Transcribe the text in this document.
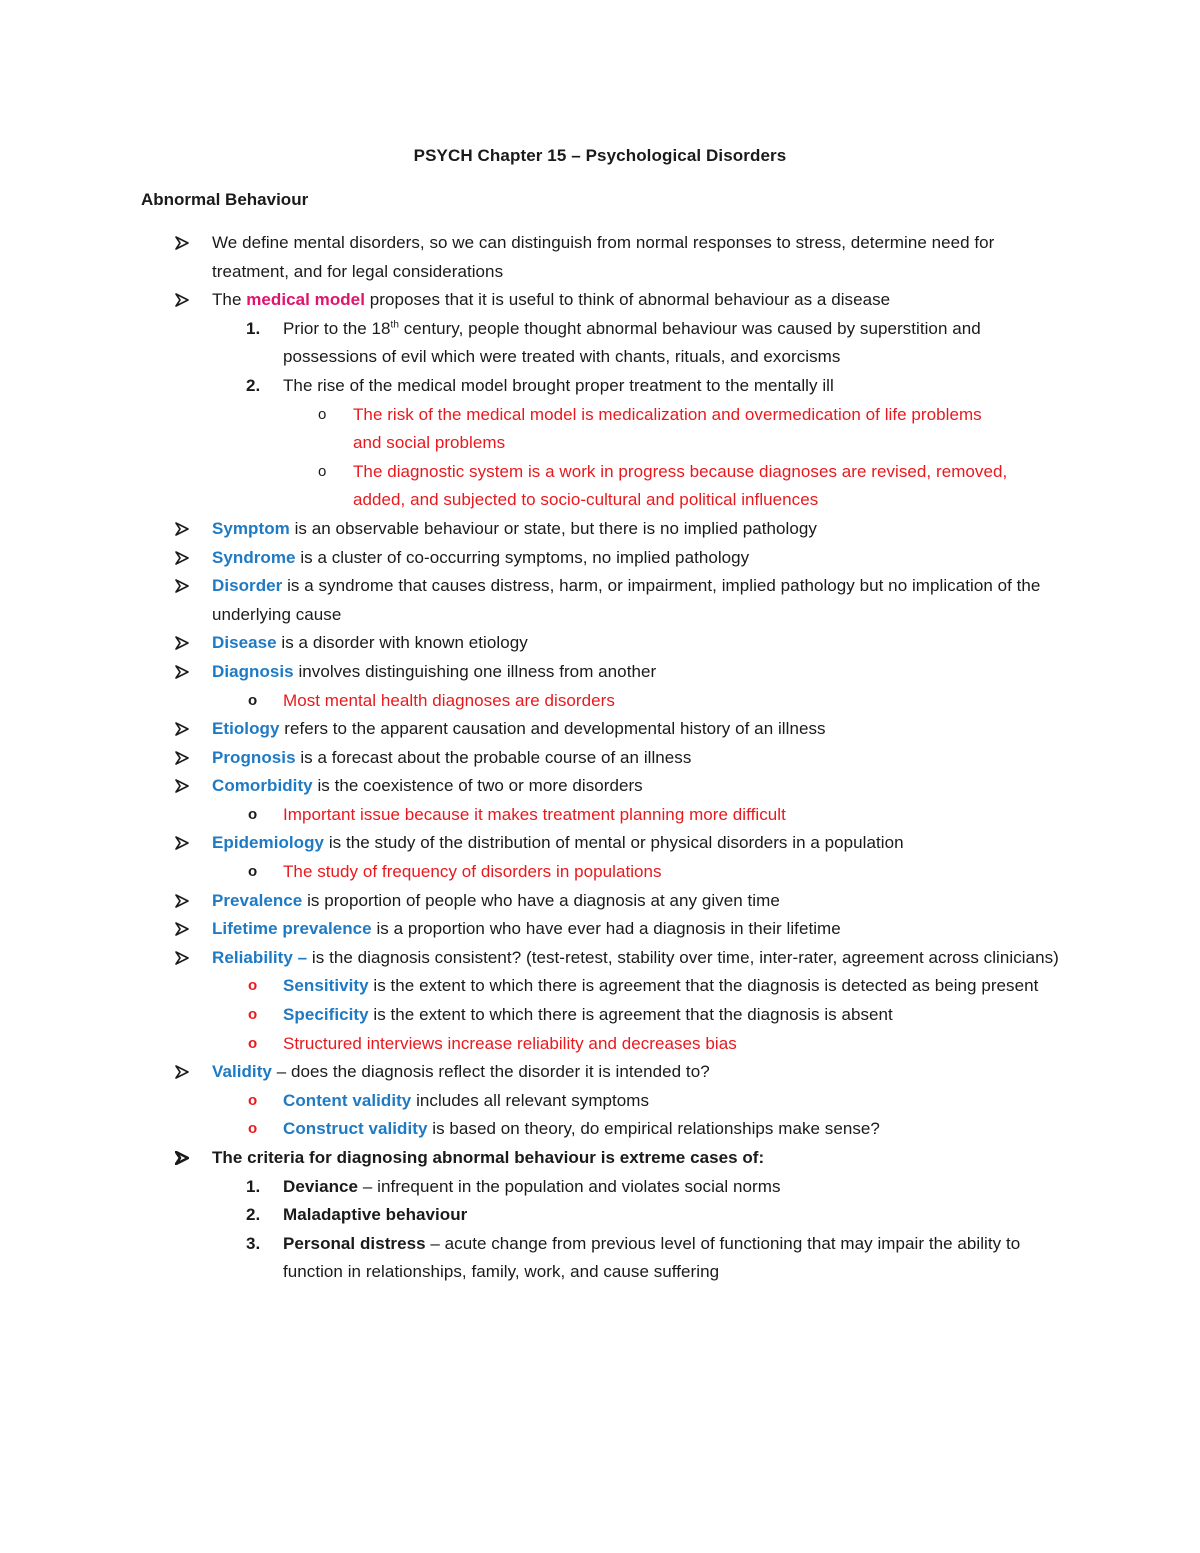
PSYCH Chapter 15 – Psychological Disorders
Abnormal Behaviour
We define mental disorders, so we can distinguish from normal responses to stress, determine need for treatment, and for legal considerations
The medical model proposes that it is useful to think of abnormal behaviour as a disease
1. Prior to the 18th century, people thought abnormal behaviour was caused by superstition and possessions of evil which were treated with chants, rituals, and exorcisms
2. The rise of the medical model brought proper treatment to the mentally ill
o The risk of the medical model is medicalization and overmedication of life problems and social problems
o The diagnostic system is a work in progress because diagnoses are revised, removed, added, and subjected to socio-cultural and political influences
Symptom is an observable behaviour or state, but there is no implied pathology
Syndrome is a cluster of co-occurring symptoms, no implied pathology
Disorder is a syndrome that causes distress, harm, or impairment, implied pathology but no implication of the underlying cause
Disease is a disorder with known etiology
Diagnosis involves distinguishing one illness from another
o Most mental health diagnoses are disorders
Etiology refers to the apparent causation and developmental history of an illness
Prognosis is a forecast about the probable course of an illness
Comorbidity is the coexistence of two or more disorders
o Important issue because it makes treatment planning more difficult
Epidemiology is the study of the distribution of mental or physical disorders in a population
o The study of frequency of disorders in populations
Prevalence is proportion of people who have a diagnosis at any given time
Lifetime prevalence is a proportion who have ever had a diagnosis in their lifetime
Reliability – is the diagnosis consistent? (test-retest, stability over time, inter-rater, agreement across clinicians)
o Sensitivity is the extent to which there is agreement that the diagnosis is detected as being present
o Specificity is the extent to which there is agreement that the diagnosis is absent
o Structured interviews increase reliability and decreases bias
Validity – does the diagnosis reflect the disorder it is intended to?
o Content validity includes all relevant symptoms
o Construct validity is based on theory, do empirical relationships make sense?
The criteria for diagnosing abnormal behaviour is extreme cases of:
1. Deviance – infrequent in the population and violates social norms
2. Maladaptive behaviour
3. Personal distress – acute change from previous level of functioning that may impair the ability to function in relationships, family, work, and cause suffering
